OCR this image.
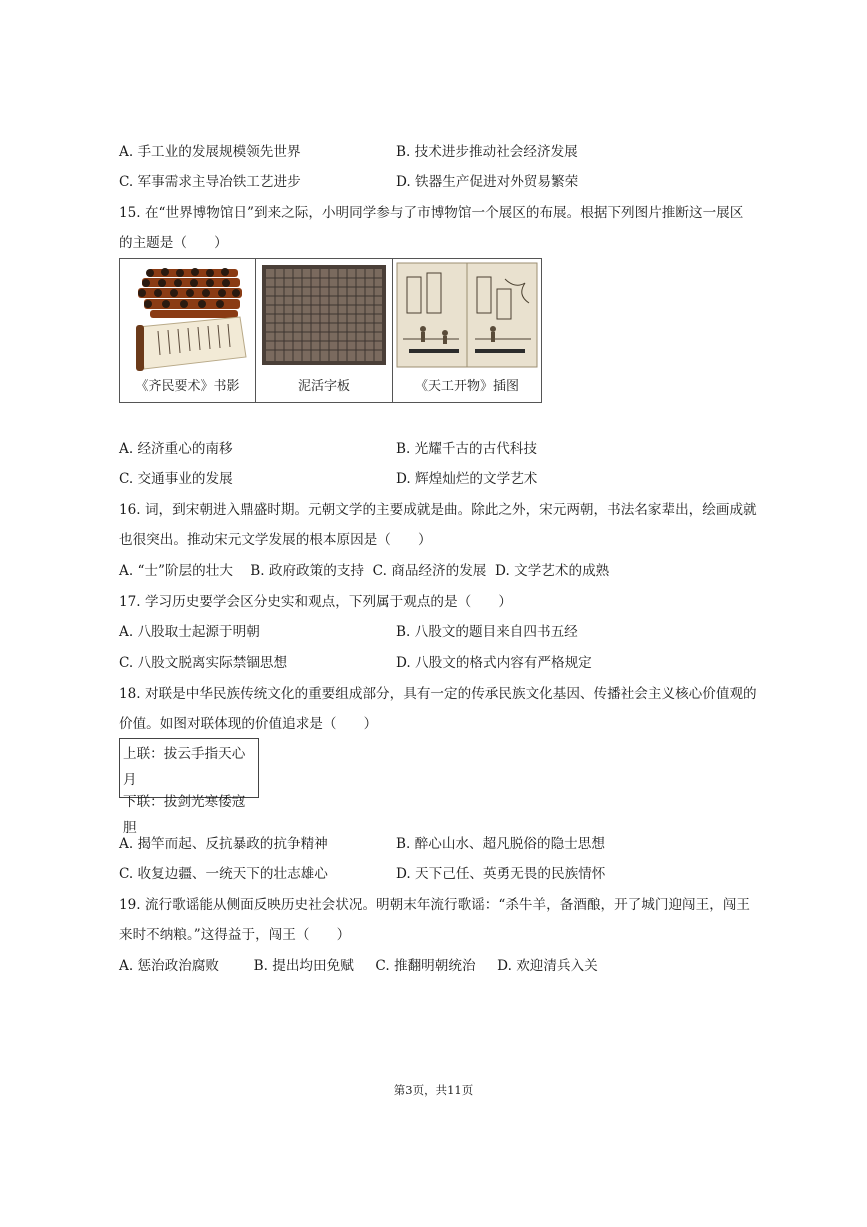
A. 手工业的发展规模领先世界	B. 技术进步推动社会经济发展
C. 军事需求主导冶铁工艺进步	D. 铁器生产促进对外贸易繁荣
15. 在“世界博物馆日”到来之际，小明同学参与了市博物馆一个展区的布展。根据下列图片推断这一展区
的主题是（　　）
《齐民要术》书影	泥活字板	《天工开物》插图
A. 经济重心的南移	B. 光耀千古的古代科技
C. 交通事业的发展	D. 辉煌灿烂的文学艺术
16. 词，到宋朝进入鼎盛时期。元朝文学的主要成就是曲。除此之外，宋元两朝，书法名家辈出，绘画成就
也很突出。推动宋元文学发展的根本原因是（　　）
A. “士”阶层的壮大 B. 政府政策的支持 C. 商品经济的发展 D. 文学艺术的成熟
17. 学习历史要学会区分史实和观点，下列属于观点的是（　　）
A. 八股取士起源于明朝	B. 八股文的题目来自四书五经
C. 八股文脱离实际禁锢思想	D. 八股文的格式内容有严格规定
18. 对联是中华民族传统文化的重要组成部分，具有一定的传承民族文化基因、传播社会主义核心价值观的
价值。如图对联体现的价值追求是（　　）
上联：拔云手指天心月
下联：拔剑光寒倭寇胆
A. 揭竿而起、反抗暴政的抗争精神	B. 醉心山水、超凡脱俗的隐士思想
C. 收复边疆、一统天下的壮志雄心	D. 天下己任、英勇无畏的民族情怀
19. 流行歌谣能从侧面反映历史社会状况。明朝末年流行歌谣：“杀牛羊，备酒酿，开了城门迎闯王，闯王
来时不纳粮。”这得益于，闯王（　　）
A. 惩治政治腐败	B. 提出均田免赋 C. 推翻明朝统治 D. 欢迎清兵入关
第3页，共11页
